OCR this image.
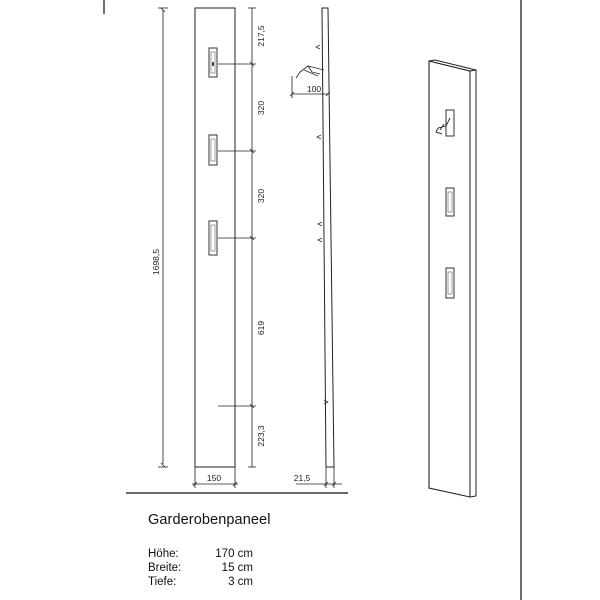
1698,5
217,5
320
320
619
223,3
150
100
21,5
Garderobenpaneel
Höhe:	170 cm
Breite:	15 cm
Tiefe:	3 cm
